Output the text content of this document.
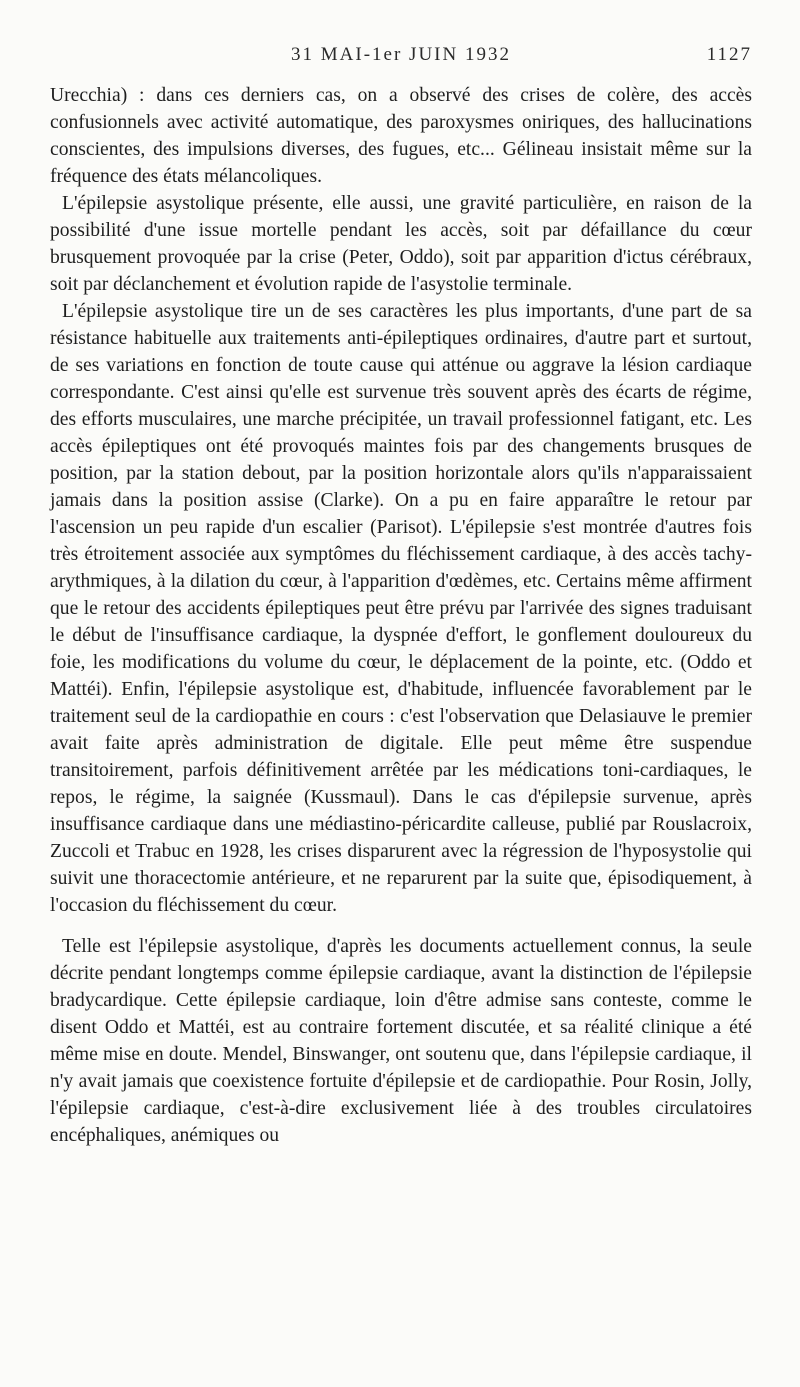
31 MAI-1er JUIN 1932	1127

Urecchia) : dans ces derniers cas, on a observé des crises de colère, des accès confusionnels avec activité automatique, des paroxysmes oniriques, des hallucinations conscientes, des impulsions diverses, des fugues, etc... Gélineau insistait même sur la fréquence des états mélancoliques.

L'épilepsie asystolique présente, elle aussi, une gravité particulière, en raison de la possibilité d'une issue mortelle pendant les accès, soit par défaillance du cœur brusquement provoquée par la crise (Peter, Oddo), soit par apparition d'ictus cérébraux, soit par déclanchement et évolution rapide de l'asystolie terminale.

L'épilepsie asystolique tire un de ses caractères les plus importants, d'une part de sa résistance habituelle aux traitements anti-épileptiques ordinaires, d'autre part et surtout, de ses variations en fonction de toute cause qui atténue ou aggrave la lésion cardiaque correspondante. C'est ainsi qu'elle est survenue très souvent après des écarts de régime, des efforts musculaires, une marche précipitée, un travail professionnel fatigant, etc. Les accès épileptiques ont été provoqués maintes fois par des changements brusques de position, par la station debout, par la position horizontale alors qu'ils n'apparaissaient jamais dans la position assise (Clarke). On a pu en faire apparaître le retour par l'ascension un peu rapide d'un escalier (Parisot). L'épilepsie s'est montrée d'autres fois très étroitement associée aux symptômes du fléchissement cardiaque, à des accès tachy-arythmiques, à la dilation du cœur, à l'apparition d'œdèmes, etc. Certains même affirment que le retour des accidents épileptiques peut être prévu par l'arrivée des signes traduisant le début de l'insuffisance cardiaque, la dyspnée d'effort, le gonflement douloureux du foie, les modifications du volume du cœur, le déplacement de la pointe, etc. (Oddo et Mattéi). Enfin, l'épilepsie asystolique est, d'habitude, influencée favorablement par le traitement seul de la cardiopathie en cours : c'est l'observation que Delasiauve le premier avait faite après administration de digitale. Elle peut même être suspendue transitoirement, parfois définitivement arrêtée par les médications toni-cardiaques, le repos, le régime, la saignée (Kussmaul). Dans le cas d'épilepsie survenue, après insuffisance cardiaque dans une médiastino-péricardite calleuse, publié par Rouslacroix, Zuccoli et Trabuc en 1928, les crises disparurent avec la régression de l'hyposystolie qui suivit une thoracectomie antérieure, et ne reparurent par la suite que, épisodiquement, à l'occasion du fléchissement du cœur.

Telle est l'épilepsie asystolique, d'après les documents actuellement connus, la seule décrite pendant longtemps comme épilepsie cardiaque, avant la distinction de l'épilepsie bradycardique. Cette épilepsie cardiaque, loin d'être admise sans conteste, comme le disent Oddo et Mattéi, est au contraire fortement discutée, et sa réalité clinique a été même mise en doute. Mendel, Binswanger, ont soutenu que, dans l'épilepsie cardiaque, il n'y avait jamais que coexistence fortuite d'épilepsie et de cardiopathie. Pour Rosin, Jolly, l'épilepsie cardiaque, c'est-à-dire exclusivement liée à des troubles circulatoires encéphaliques, anémiques ou
